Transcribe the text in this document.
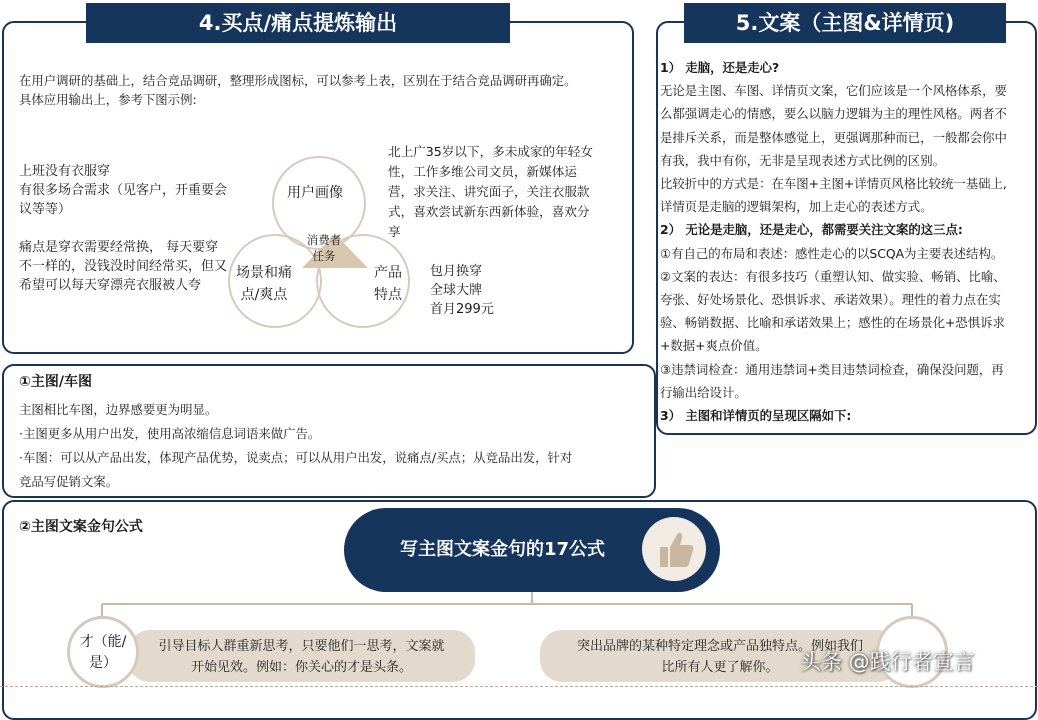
4.买点/痛点提炼输出
在用户调研的基础上，结合竞品调研，整理形成图标，可以参考上表，区别在于结合竞品调研再确定。
具体应用输出上，参考下图示例:
上班没有衣服穿
有很多场合需求（见客户，开重要会
议等等）
痛点是穿衣需要经常换， 每天要穿
不一样的，没钱没时间经常买，但又
希望可以每天穿漂亮衣服被人夸
用户画像
场景和痛
点/爽点
产品
特点
消费者
任务
北上广35岁以下，多未成家的年轻女
性，工作多维公司文员，新媒体运
营，求关注、讲究面子，关注衣服款
式，喜欢尝试新东西新体验，喜欢分
享
包月换穿
全球大牌
首月299元
5.文案（主图&详情页)

1） 走脑，还是走心?

无论是主图、车图、详情页文案，它们应该是一个风格体系，要

么都强调走心的情感，要么以脑力逻辑为主的理性风格。两者不

是排斥关系，而是整体感觉上，更强调那种而已，一般都会你中

有我，我中有你，无非是呈现表述方式比例的区别。

比较折中的方式是：在车图+主图+详情页风格比较统一基础上,

详情页是走脑的逻辑架构，加上走心的表述方式。

2） 无论是走脑，还是走心，都需要关注文案的这三点:

①有自己的布局和表述：感性走心的以SCQA为主要表述结构。

②文案的表达：有很多技巧（重塑认知、做实验、畅销、比喻、

夸张、好处场景化、恐惧诉求、承诺效果）。理性的着力点在实

验、畅销数据、比喻和承诺效果上；感性的在场景化+恐惧诉求

+数据+爽点价值。

③违禁词检查：通用违禁词+类目违禁词检查，确保没问题，再

行输出给设计。

3） 主图和详情页的呈现区隔如下:

①主图/车图
主图相比车图，边界感要更为明显。
·主图更多从用户出发，使用高浓缩信息词语来做广告。
·车图：可以从产品出发，体现产品优势，说卖点；可以从用户出发，说痛点/买点；从竞品出发，针对
竞品写促销文案。
②主图文案金句公式
写主图文案金句的17公式
引导目标人群重新思考，只要他们一思考，文案就
开始见效。例如：你关心的才是头条。
才（能/
是）
突出品牌的某种特定理念或产品独特点。例如我们
比所有人更了解你。	头条 @践行者宣言
